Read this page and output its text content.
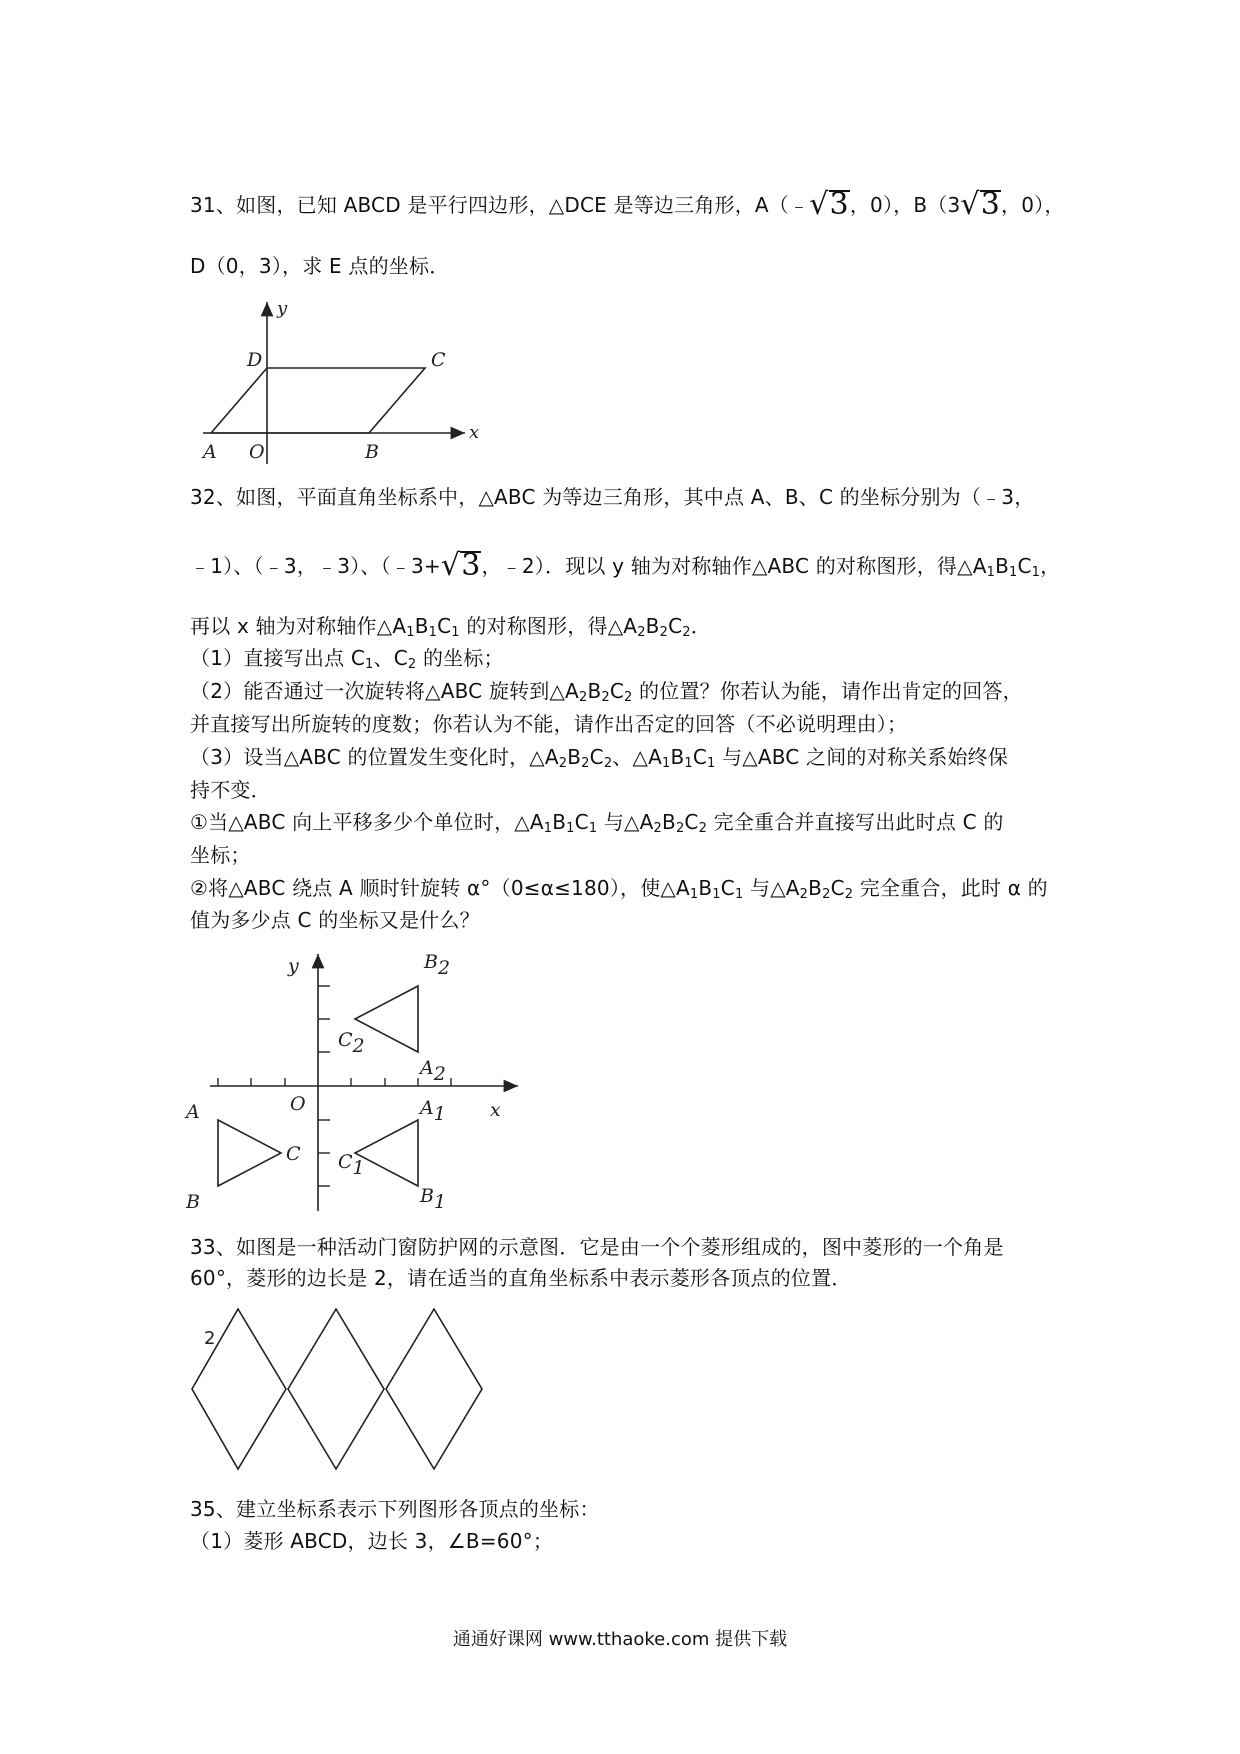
31、如图，已知 ABCD 是平行四边形，△DCE 是等边三角形，A（﹣√3，0），B（3√3，0），
D（0，3），求 E 点的坐标．
y
x
D	C
A O	B
32、如图，平面直角坐标系中，△ABC 为等边三角形，其中点 A、B、C 的坐标分别为（﹣3，
﹣1）、（﹣3，﹣3）、（﹣3+√3，﹣2）．现以 y 轴为对称轴作△ABC 的对称图形，得$\triangle A_1B_1C_1$，
再以 x 轴为对称轴作$\triangle A_1B_1C_1$ 的对称图形，得$\triangle A_2B_2C_2$．
（1）直接写出点 $C_1$、$C_2$ 的坐标；
（2）能否通过一次旋转将△ABC 旋转到$\triangle A_2B_2C_2$ 的位置？你若认为能，请作出肯定的回答，
并直接写出所旋转的度数；你若认为不能，请作出否定的回答（不必说明理由）；
（3）设当△ABC 的位置发生变化时，$\triangle A_2B_2C_2$、$\triangle A_1B_1C_1$ 与△ABC 之间的对称关系始终保
持不变．
①当△ABC 向上平移多少个单位时，$\triangle A_1B_1C_1$ 与$\triangle A_2B_2C_2$ 完全重合并直接写出此时点 C 的
坐标；
②将△ABC 绕点 A 顺时针旋转 α°（0≤α≤180），使$\triangle A_1B_1C_1$ 与$\triangle A_2B_2C_2$ 完全重合，此时 α 的
值为多少点 C 的坐标又是什么？
y
x
O
B2
C2
A2
A
C
B
A1
C1
B1
33、如图是一种活动门窗防护网的示意图．它是由一个个菱形组成的，图中菱形的一个角是
60°，菱形的边长是 2，请在适当的直角坐标系中表示菱形各顶点的位置．
2
35、建立坐标系表示下列图形各顶点的坐标：
（1）菱形 ABCD，边长 3，∠B=60°；
通通好课网 www.tthaoke.com 提供下载
